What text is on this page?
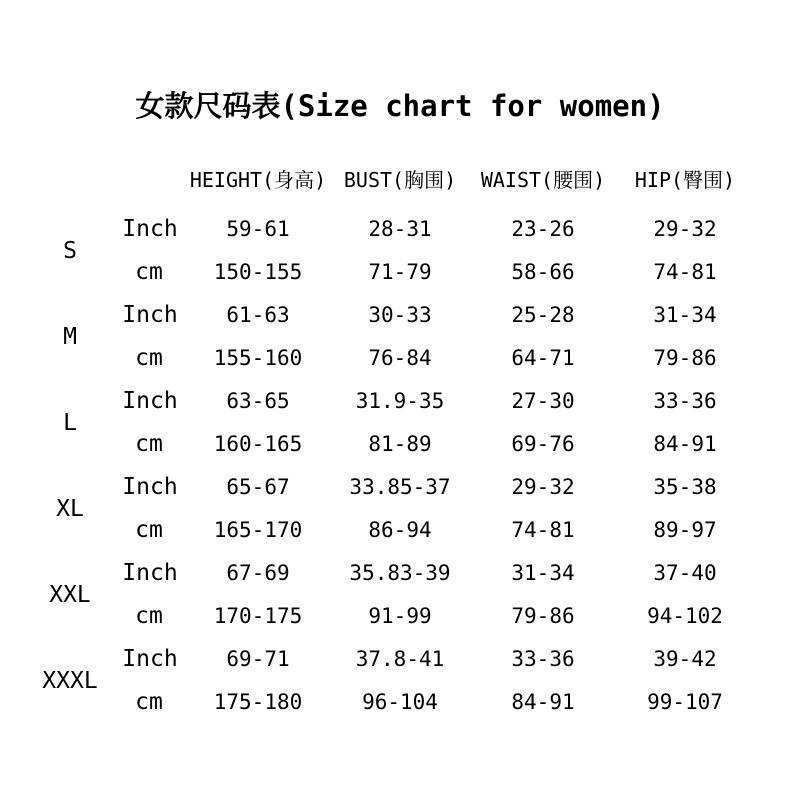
女款尺码表(Size chart for women)
HEIGHT(身高) BUST(胸围) WAIST(腰围) HIP(臀围)
S
Inch 59-61	28-31	23-26	29-32
cm 150-155	71-79	58-66	74-81
M
Inch 61-63	30-33	25-28	31-34
cm 155-160	76-84	64-71	79-86
L
Inch 63-65	31.9-35	27-30	33-36
cm 160-165	81-89	69-76	84-91
XL
Inch 65-67	33.85-37	29-32	35-38
cm 165-170	86-94	74-81	89-97
XXL
Inch 67-69	35.83-39	31-34	37-40
cm 170-175	91-99	79-86	94-102
XXXL
Inch 69-71	37.8-41	33-36	39-42
cm 175-180	96-104	84-91	99-107
